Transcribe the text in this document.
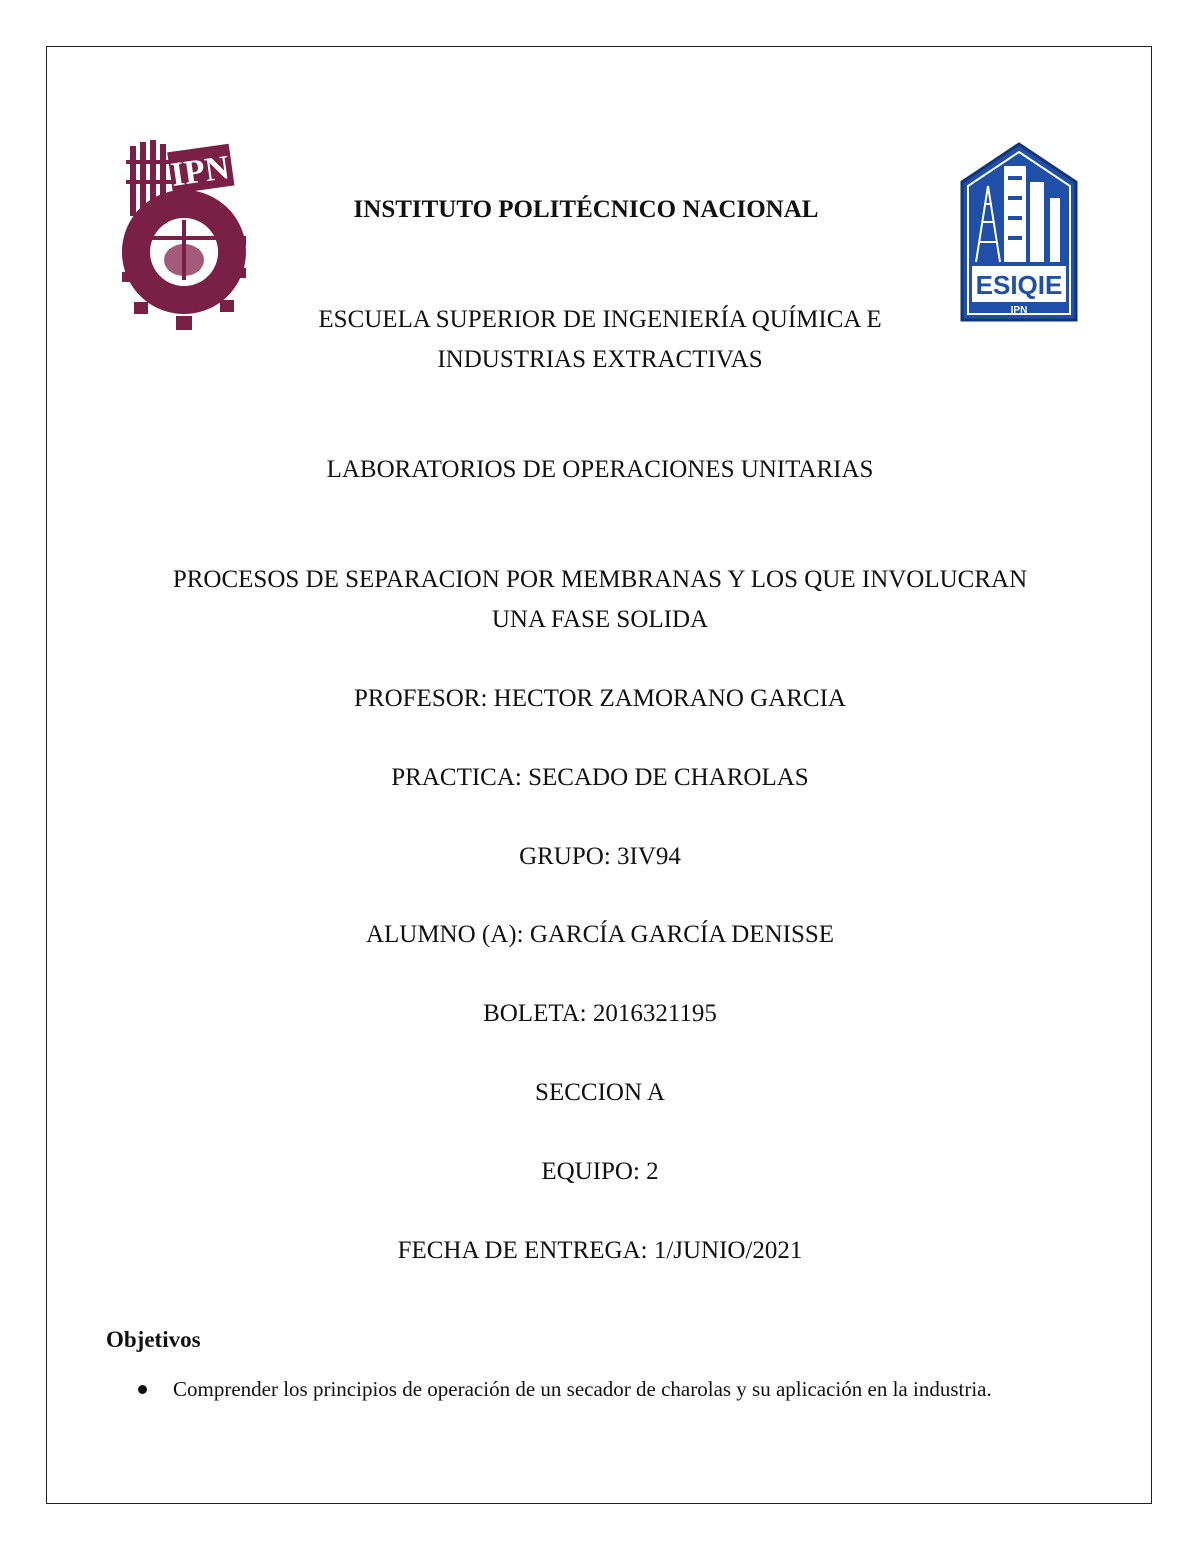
IPN
ESIQIE
IPN
INSTITUTO POLITÉCNICO NACIONAL
ESCUELA SUPERIOR DE INGENIERÍA QUÍMICA E
INDUSTRIAS EXTRACTIVAS
LABORATORIOS DE OPERACIONES UNITARIAS
PROCESOS DE SEPARACION POR MEMBRANAS Y LOS QUE INVOLUCRAN
UNA FASE SOLIDA
PROFESOR: HECTOR ZAMORANO GARCIA
PRACTICA: SECADO DE CHAROLAS
GRUPO: 3IV94
ALUMNO (A): GARCÍA GARCÍA DENISSE
BOLETA: 2016321195
SECCION A
EQUIPO: 2
FECHA DE ENTREGA: 1/JUNIO/2021
Objetivos
Comprender los principios de operación de un secador de charolas y su aplicación en la industria.
